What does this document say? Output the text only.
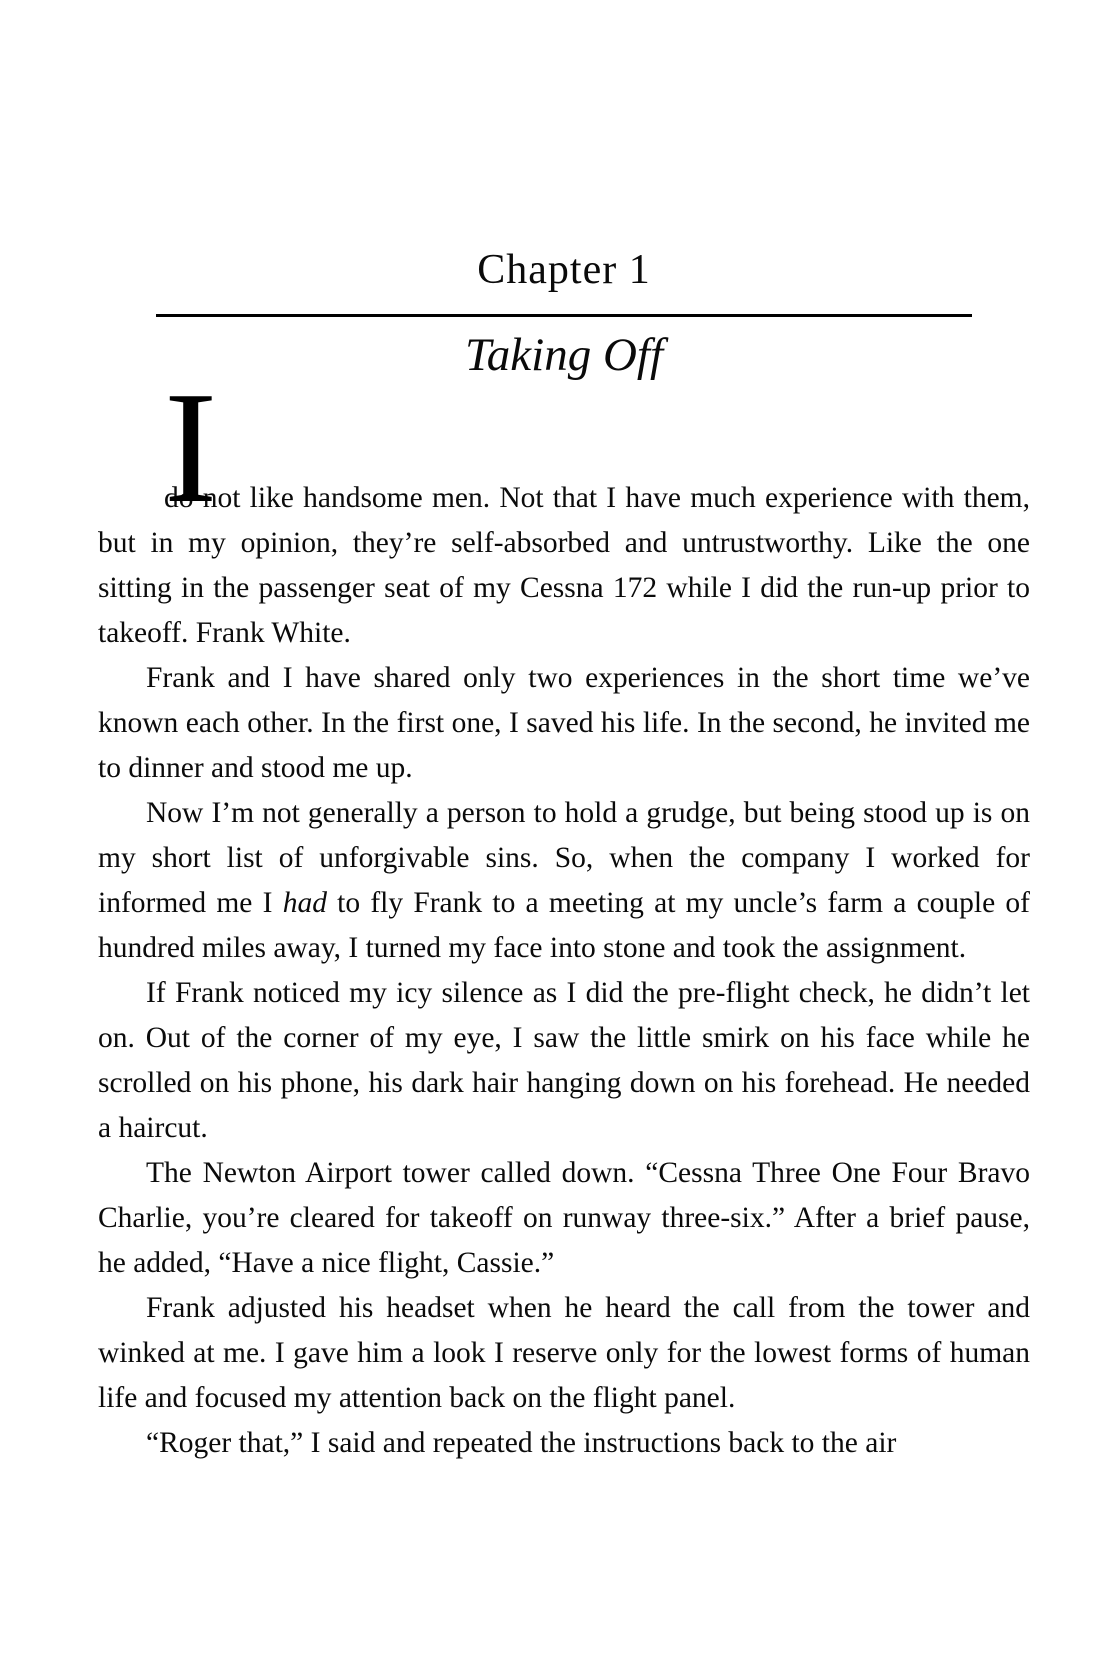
Chapter 1
Taking Off

I
do not like handsome men. Not that I have much experience with them, but in my opinion, they’re self-absorbed and untrustworthy. Like the one sitting in the passenger seat of my Cessna 172 while I did the run-up prior to takeoff. Frank White.

Frank and I have shared only two experiences in the short time we’ve known each other. In the first one, I saved his life. In the second, he invited me to dinner and stood me up.

Now I’m not generally a person to hold a grudge, but being stood up is on my short list of unforgivable sins. So, when the company I worked for informed me I had to fly Frank to a meeting at my uncle’s farm a couple of hundred miles away, I turned my face into stone and took the assignment.

If Frank noticed my icy silence as I did the pre-flight check, he didn’t let on. Out of the corner of my eye, I saw the little smirk on his face while he scrolled on his phone, his dark hair hanging down on his forehead. He needed a haircut.

The Newton Airport tower called down. “Cessna Three One Four Bravo Charlie, you’re cleared for takeoff on runway three-six.” After a brief pause, he added, “Have a nice flight, Cassie.”

Frank adjusted his headset when he heard the call from the tower and winked at me. I gave him a look I reserve only for the lowest forms of human life and focused my attention back on the flight panel.

“Roger that,” I said and repeated the instructions back to the air
